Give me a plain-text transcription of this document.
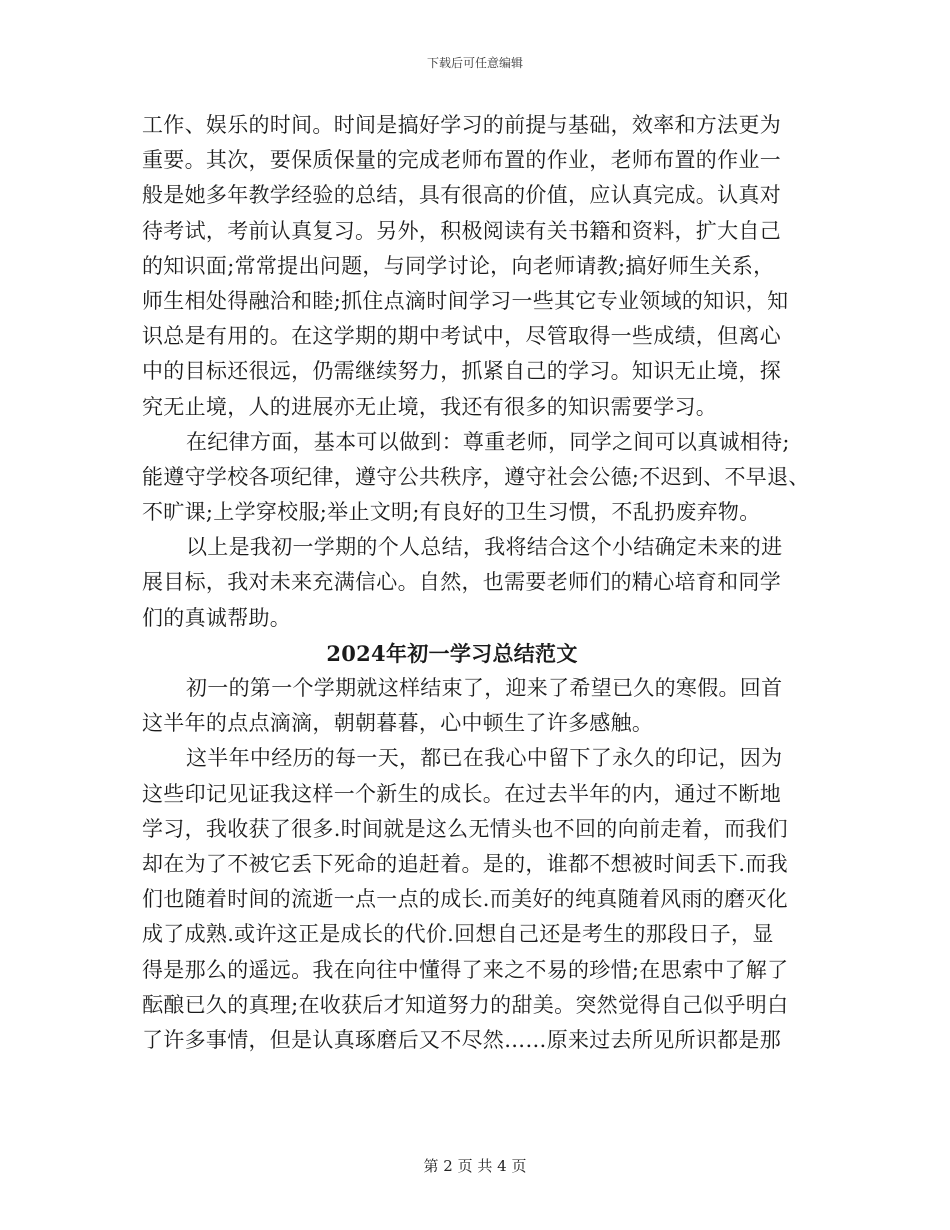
下载后可任意编辑
工作、娱乐的时间。时间是搞好学习的前提与基础，效率和方法更为
重要。其次，要保质保量的完成老师布置的作业，老师布置的作业一
般是她多年教学经验的总结，具有很高的价值，应认真完成。认真对
待考试，考前认真复习。另外，积极阅读有关书籍和资料，扩大自己
的知识面;常常提出问题，与同学讨论，向老师请教;搞好师生关系，
师生相处得融洽和睦;抓住点滴时间学习一些其它专业领域的知识，知
识总是有用的。在这学期的期中考试中，尽管取得一些成绩，但离心
中的目标还很远，仍需继续努力，抓紧自己的学习。知识无止境，探
究无止境，人的进展亦无止境，我还有很多的知识需要学习。
在纪律方面，基本可以做到：尊重老师，同学之间可以真诚相待;
能遵守学校各项纪律，遵守公共秩序，遵守社会公德;不迟到、不早退、
不旷课;上学穿校服;举止文明;有良好的卫生习惯，不乱扔废弃物。
以上是我初一学期的个人总结，我将结合这个小结确定未来的进
展目标，我对未来充满信心。自然，也需要老师们的精心培育和同学
们的真诚帮助。
2024年初一学习总结范文
初一的第一个学期就这样结束了，迎来了希望已久的寒假。回首
这半年的点点滴滴，朝朝暮暮，心中顿生了许多感触。
这半年中经历的每一天，都已在我心中留下了永久的印记，因为
这些印记见证我这样一个新生的成长。在过去半年的内，通过不断地
学习，我收获了很多.时间就是这么无情头也不回的向前走着，而我们
却在为了不被它丢下死命的追赶着。是的，谁都不想被时间丢下.而我
们也随着时间的流逝一点一点的成长.而美好的纯真随着风雨的磨灭化
成了成熟.或许这正是成长的代价.回想自己还是考生的那段日子，显
得是那么的遥远。我在向往中懂得了来之不易的珍惜;在思索中了解了
酝酿已久的真理;在收获后才知道努力的甜美。突然觉得自己似乎明白
了许多事情，但是认真琢磨后又不尽然……原来过去所见所识都是那
第 2 页 共 4 页
